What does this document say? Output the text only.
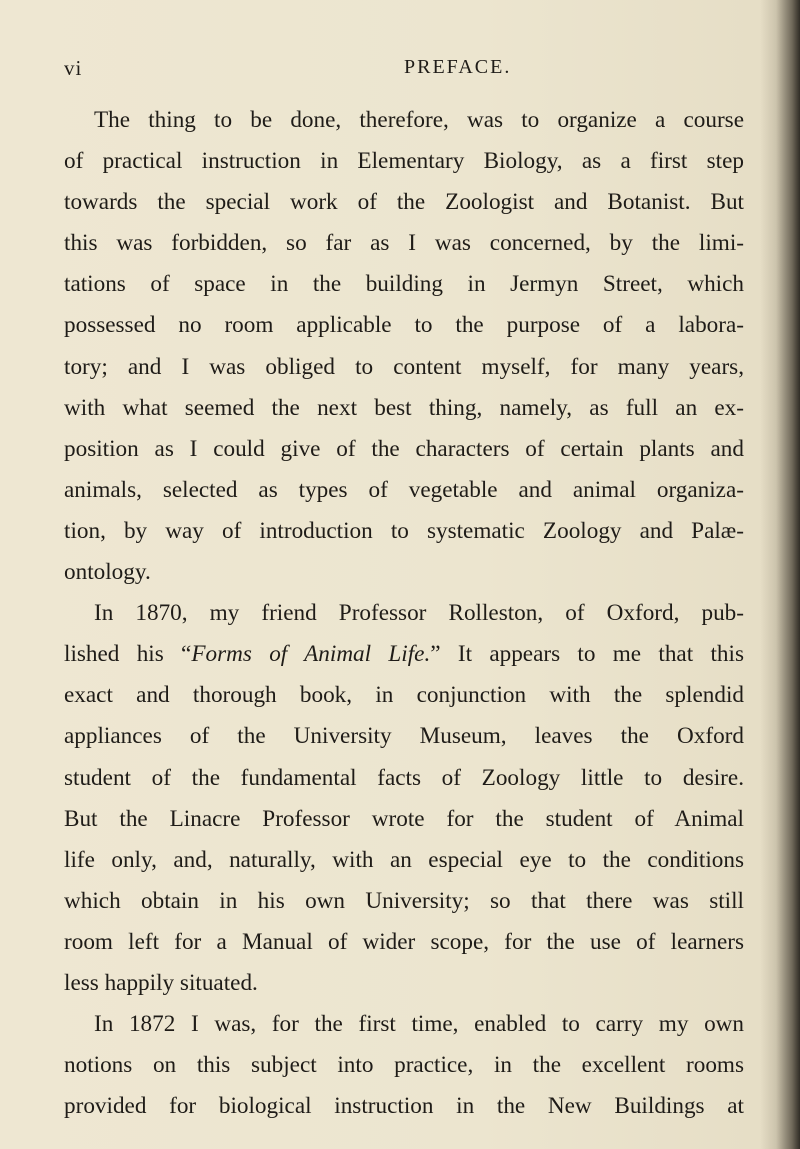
vi	PREFACE.
The thing to be done, therefore, was to organize a course
of practical instruction in Elementary Biology, as a first step
towards the special work of the Zoologist and Botanist. But
this was forbidden, so far as I was concerned, by the limi-
tations of space in the building in Jermyn Street, which
possessed no room applicable to the purpose of a labora-
tory; and I was obliged to content myself, for many years,
with what seemed the next best thing, namely, as full an ex-
position as I could give of the characters of certain plants and
animals, selected as types of vegetable and animal organiza-
tion, by way of introduction to systematic Zoology and Palæ-
ontology.
In 1870, my friend Professor Rolleston, of Oxford, pub-
lished his “Forms of Animal Life.” It appears to me that this
exact and thorough book, in conjunction with the splendid
appliances of the University Museum, leaves the Oxford
student of the fundamental facts of Zoology little to desire.
But the Linacre Professor wrote for the student of Animal
life only, and, naturally, with an especial eye to the conditions
which obtain in his own University; so that there was still
room left for a Manual of wider scope, for the use of learners
less happily situated.
In 1872 I was, for the first time, enabled to carry my own
notions on this subject into practice, in the excellent rooms
provided for biological instruction in the New Buildings at
